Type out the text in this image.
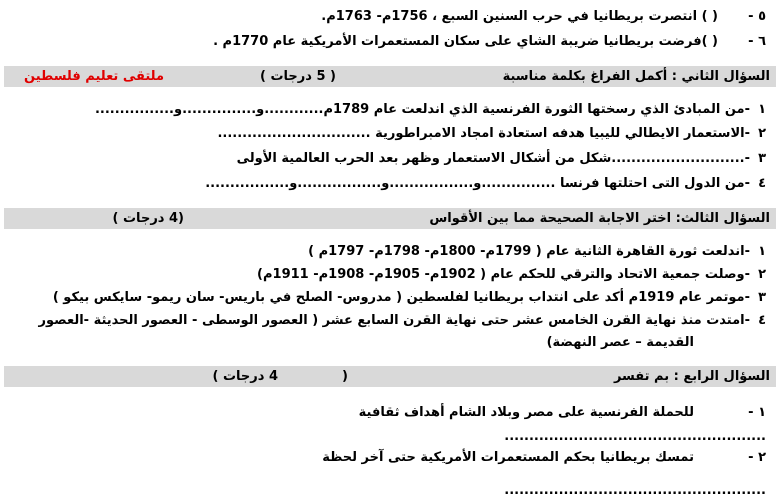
٥ -
( ) انتصرت بريطانيا في حرب السنين السبع ، 1756م- 1763م.
٦ -
( )فرضت بريطانيا ضريبة الشاي على سكان المستعمرات الأمريكية عام 1770م .
السؤال الثاني : أكمل الفراغ بكلمة مناسبة
( 5 درجات )
ملتقى تعليم فلسطين
١
-من المبادئ الذي رسختها الثورة الفرنسية الذي اندلعت عام 1789م............و...............و................
٢
-الاستعمار الايطالي لليبيا هدفه استعادة امجاد الامبراطورية ...............................
٣
-...........................شكل من أشكال الاستعمار وظهر بعد الحرب العالمية الأولى
٤
-من الدول التى احتلتها فرنسا ...............و.................و.................و.................
السؤال الثالث: اختر الاجابة الصحيحة مما بين الأقواس
(4 درجات )
١
-اندلعت ثورة القاهرة الثانية عام ( 1799م- 1800م- 1798م- 1797م )
٢
-وصلت جمعية الاتحاد والترقي للحكم عام ( 1902م- 1905م- 1908م- 1911م)
٣
-موتمر عام 1919م أكد على انتداب بريطانيا لفلسطين ( مدروس- الصلح في باريس- سان ريمو- سايكس بيكو )
٤
-امتدت منذ نهاية القرن الخامس عشر حتى نهاية القرن السابع عشر ( العصور الوسطى - العصور الحديثة -العصور
القديمة – عصر النهضة)
السؤال الرابع : بم تفسر
(
4 درجات )
١ -
للحملة الفرنسية على مصر وبلاد الشام أهداف ثقافية
.....................................................
٢ -
تمسك بريطانيا بحكم المستعمرات الأمريكية حتى آخر لحظة
.....................................................
